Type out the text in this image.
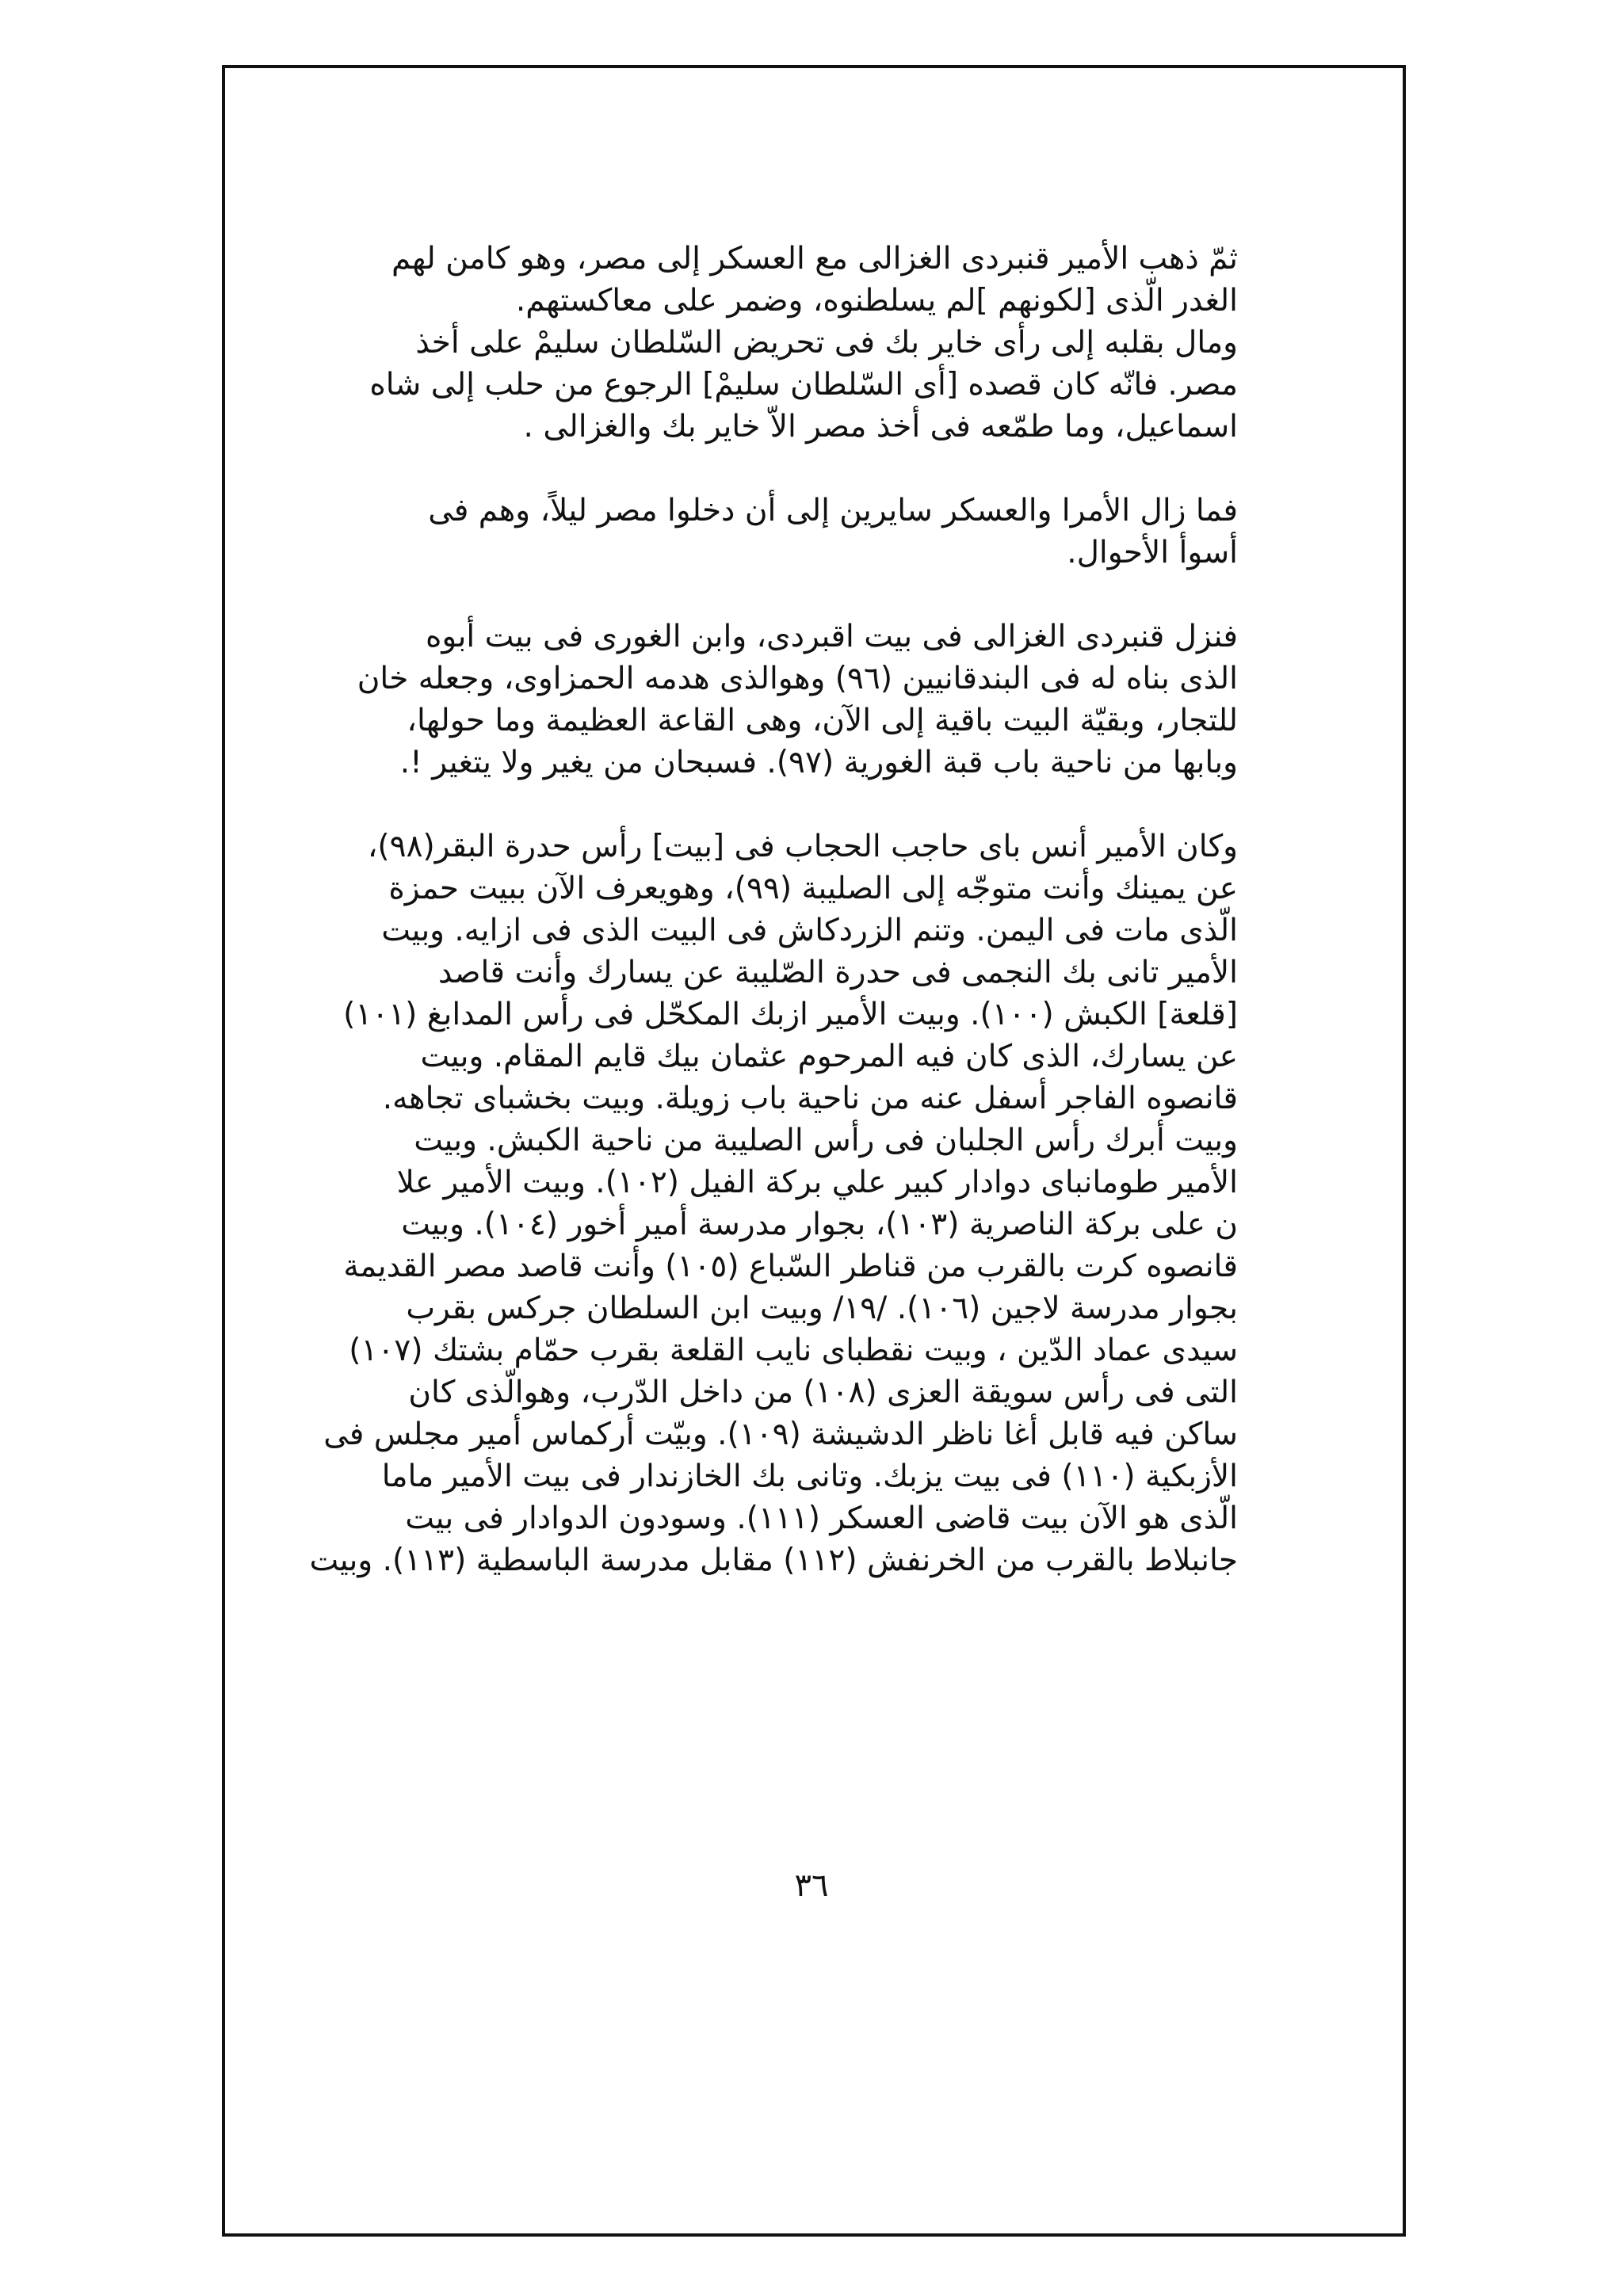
ثمّ ذهب الأمير قنبردى الغزالى مع العسكر إلى مصر، وهو كامن لهم
الغدر الّذى [لكونهم ]لم يسلطنوه، وضمر على معاكستهم.
ومال بقلبه إلى رأى خاير بك فى تحريض السّلطان سليمْ على أخذ
مصر. فانّه كان قصده [أى السّلطان سليمْ] الرجوع من حلب إلى شاه
اسماعيل، وما طمّعه فى أخذ مصر الاّ خاير بك والغزالى .
فما زال الأمرا والعسكر سايرين إلى أن دخلوا مصر ليلاً، وهم فى
أسوأ الأحوال.
فنزل قنبردى الغزالى فى بيت اقبردى، وابن الغورى فى بيت أبوه
الذى بناه له فى البندقانيين (٩٦) وهوالذى هدمه الحمزاوى، وجعله خان
للتجار، وبقيّة البيت باقية إلى الآن، وهى القاعة العظيمة وما حولها،
وبابها من ناحية باب قبة الغورية (٩٧). فسبحان من يغير ولا يتغير !.
وكان الأمير أنس باى حاجب الحجاب فى [بيت] رأس حدرة البقر(٩٨)،
عن يمينك وأنت متوجّه إلى الصليبة (٩٩)، وهويعرف الآن ببيت حمزة
الّذى مات فى اليمن. وتنم الزردكاش فى البيت الذى فى ازايه. وبيت
الأمير تانى بك النجمى فى حدرة الصّليبة عن يسارك وأنت قاصد
[قلعة] الكبش (١٠٠). وبيت الأمير ازبك المكحّل فى رأس المدابغ (١٠١)
عن يسارك، الذى كان فيه المرحوم عثمان بيك قايم المقام. وبيت
قانصوه الفاجر أسفل عنه من ناحية باب زويلة. وبيت بخشباى تجاهه.
وبيت أبرك رأس الجلبان فى رأس الصليبة من ناحية الكبش. وبيت
الأمير طومانباى دوادار كبير علي بركة الفيل (١٠٢). وبيت الأمير علا
ن على بركة الناصرية (١٠٣)، بجوار مدرسة أمير أخور (١٠٤). وبيت
قانصوه كرت بالقرب من قناطر السّباع (١٠٥) وأنت قاصد مصر القديمة
بجوار مدرسة لاجين (١٠٦). /١٩/ وبيت ابن السلطان جركس بقرب
سيدى عماد الدّين ، وبيت نقطباى نايب القلعة بقرب حمّام بشتك (١٠٧)
التى فى رأس سويقة العزى (١٠٨) من داخل الدّرب، وهوالّذى كان
ساكن فيه قابل أغا ناظر الدشيشة (١٠٩). وبيّت أركماس أمير مجلس فى
الأزبكية (١١٠) فى بيت يزبك. وتانى بك الخازندار فى بيت الأمير ماما
الّذى هو الآن بيت قاضى العسكر (١١١). وسودون الدوادار فى بيت
جانبلاط بالقرب من الخرنفش (١١٢) مقابل مدرسة الباسطية (١١٣). وبيت
٣٦
